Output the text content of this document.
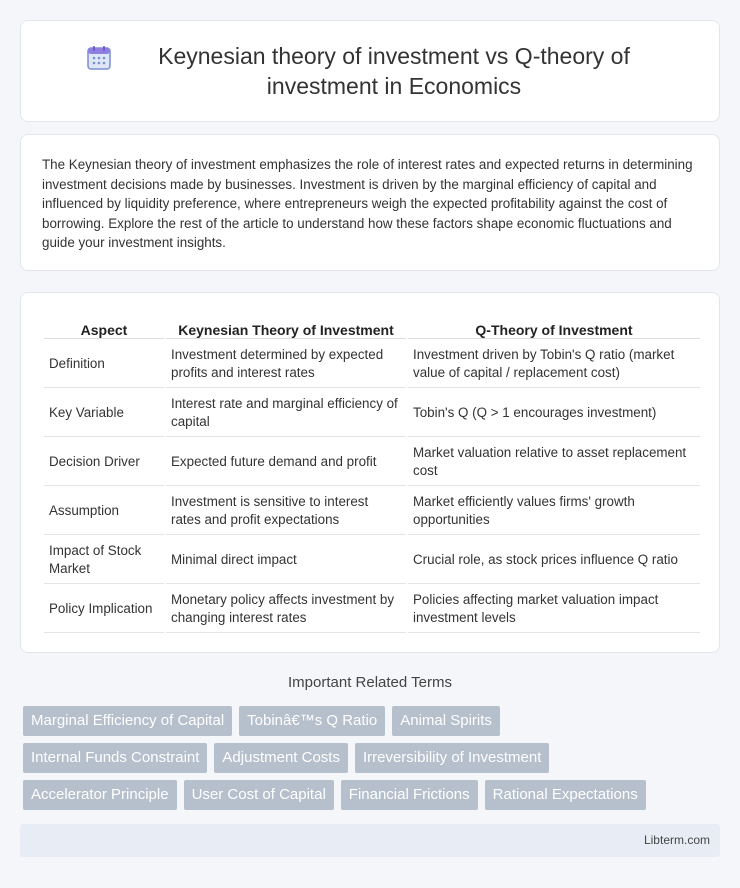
Keynesian theory of investment vs Q-theory of investment in Economics

The Keynesian theory of investment emphasizes the role of interest rates and expected returns in determining investment decisions made by businesses. Investment is driven by the marginal efficiency of capital and influenced by liquidity preference, where entrepreneurs weigh the expected profitability against the cost of borrowing. Explore the rest of the article to understand how these factors shape economic fluctuations and guide your investment insights.

Aspect	Keynesian Theory of Investment	Q-Theory of Investment
Definition	Investment determined by expected profits and interest rates	Investment driven by Tobin's Q ratio (market value of capital / replacement cost)
Key Variable	Interest rate and marginal efficiency of capital	Tobin's Q (Q > 1 encourages investment)
Decision Driver	Expected future demand and profit	Market valuation relative to asset replacement cost
Assumption	Investment is sensitive to interest rates and profit expectations	Market efficiently values firms' growth opportunities
Impact of Stock Market	Minimal direct impact	Crucial role, as stock prices influence Q ratio
Policy Implication	Monetary policy affects investment by changing interest rates	Policies affecting market valuation impact investment levels
Important Related Terms
Marginal Efficiency of Capital	Tobinâ€™s Q Ratio	Animal Spirits
Internal Funds Constraint	Adjustment Costs	Irreversibility of Investment
Accelerator Principle	User Cost of Capital	Financial Frictions	Rational Expectations
Libterm.com
